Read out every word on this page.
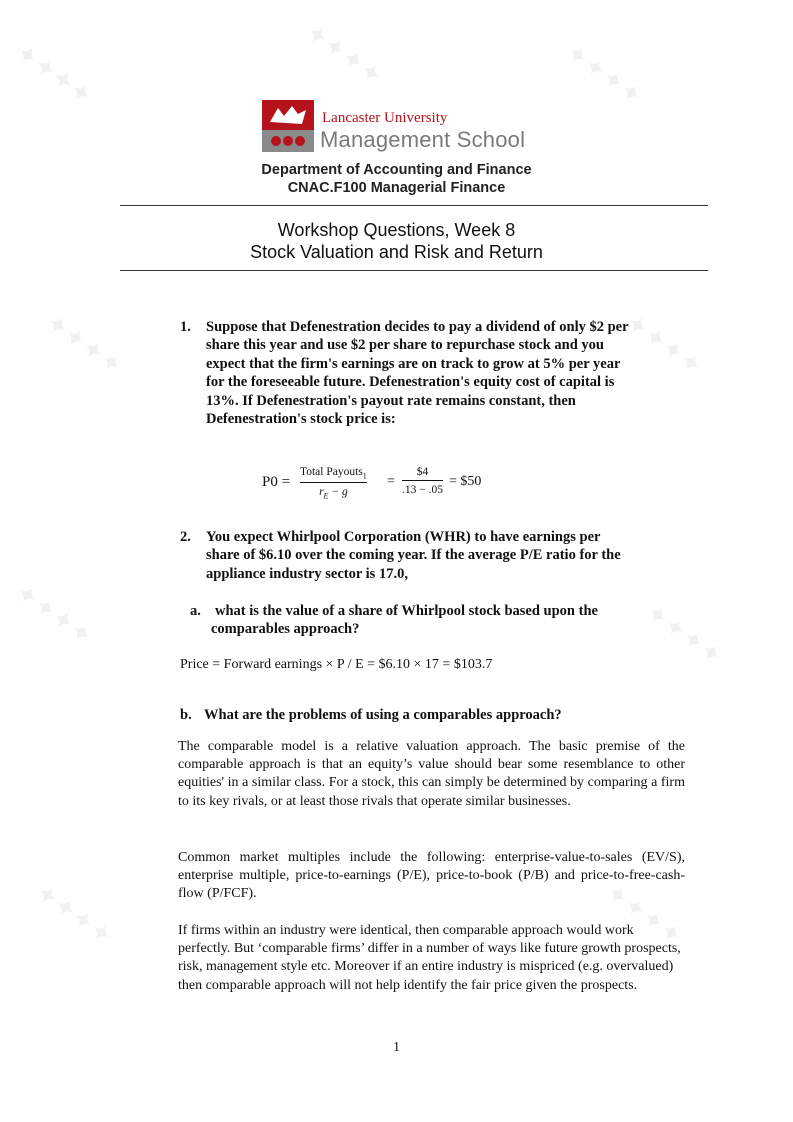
✦✦✦✦	✦✦✦✦	✦✦✦✦
✦✦✦✦	✦✦✦✦
✦✦✦✦	✦✦✦✦
✦✦✦✦	✦✦✦✦
Lancaster University
Management School
Department of Accounting and Finance
CNAC.F100 Managerial Finance
Workshop Questions, Week 8
Stock Valuation and Risk and Return
1. Suppose that Defenestration decides to pay a dividend of only $2 per
share this year and use $2 per share to repurchase stock and you
expect that the firm's earnings are on track to grow at 5% per year
for the foreseeable future. Defenestration's equity cost of capital is
13%. If Defenestration's payout rate remains constant, then
Defenestration's stock price is:
P0 =
Total Payouts$_1$
$r_E - g$
= $\frac{\$4}{.13 - .05}$ = $50
2. You expect Whirlpool Corporation (WHR) to have earnings per
share of $6.10 over the coming year. If the average P/E ratio for the
appliance industry sector is 17.0,
a. what is the value of a share of Whirlpool stock based upon the
comparables approach?
Price = Forward earnings × P / E = $6.10 × 17 = $103.7
b. What are the problems of using a comparables approach?
The comparable model is a relative valuation approach. The basic premise of the comparable approach is that an equity’s value should bear some resemblance to other equities' in a similar class. For a stock, this can simply be determined by comparing a firm to its key rivals, or at least those rivals that operate similar businesses.
Common market multiples include the following: enterprise-value-to-sales (EV/S), enterprise multiple, price-to-earnings (P/E), price-to-book (P/B) and price-to-free-cash-flow (P/FCF).
If firms within an industry were identical, then comparable approach would work perfectly. But ‘comparable firms’ differ in a number of ways like future growth prospects, risk, management style etc. Moreover if an entire industry is mispriced (e.g. overvalued) then comparable approach will not help identify the fair price given the prospects.
1
